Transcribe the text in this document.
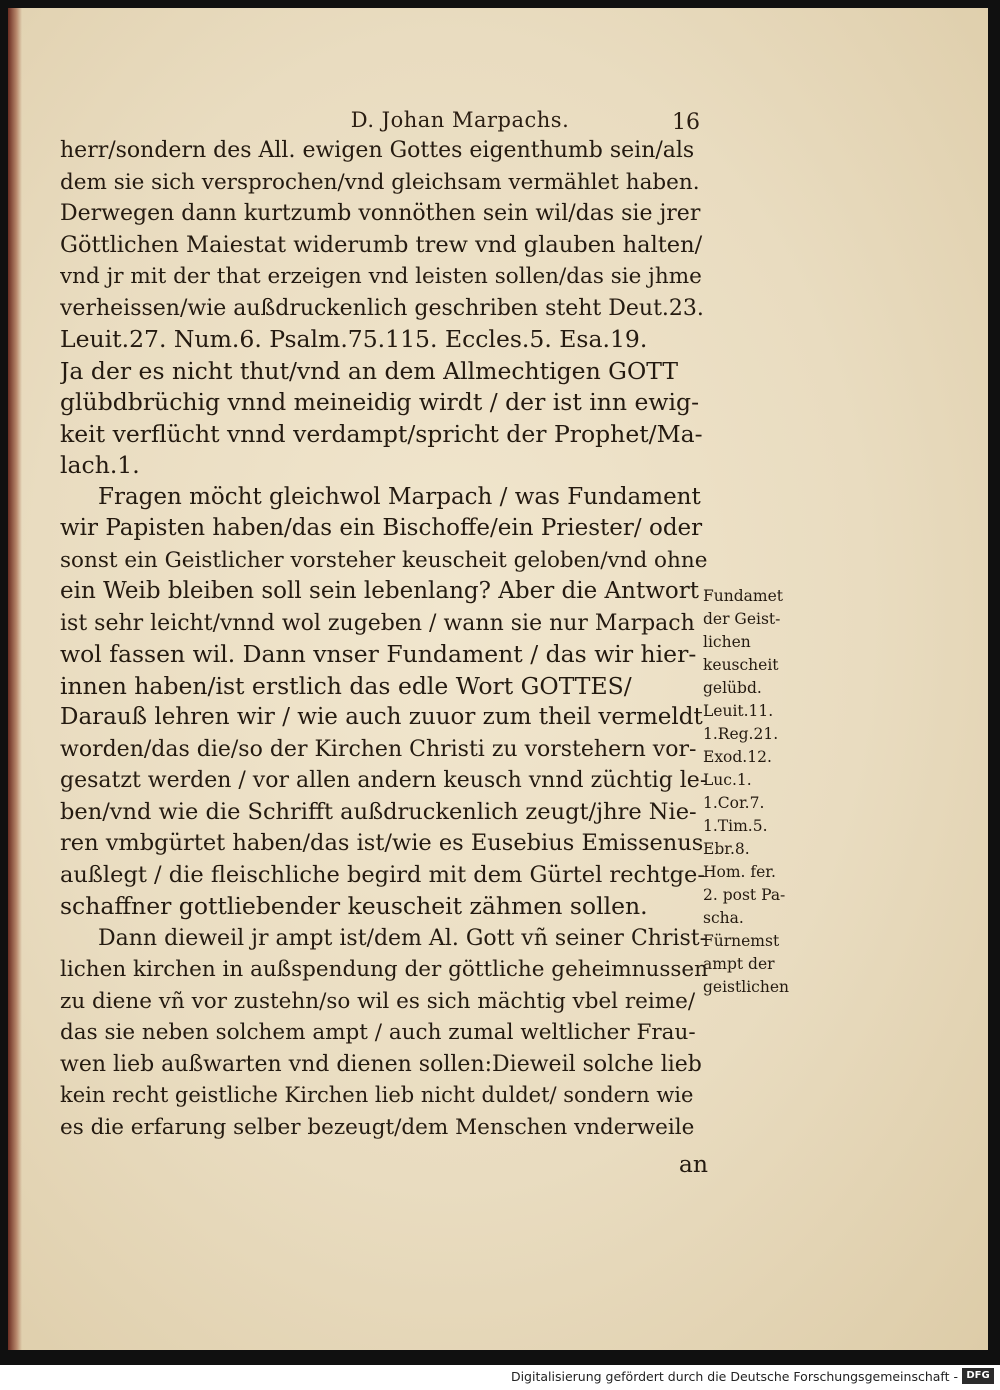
D. Johan Marpachs.	16
herr/sondern des All. ewigen Gottes eigenthumb sein/als
dem sie sich versprochen/vnd gleichsam vermählet haben.
Derwegen dann kurtzumb vonnöthen sein wil/das sie jrer
Göttlichen Maiestat widerumb trew vnd glauben halten/
vnd jr mit der that erzeigen vnd leisten sollen/das sie jhme
verheissen/wie außdruckenlich geschriben steht Deut.23.
Leuit.27. Num.6. Psalm.75.115. Eccles.5. Esa.19.
Ja der es nicht thut/vnd an dem Allmechtigen GOTT
glübdbrüchig vnnd meineidig wirdt / der ist inn ewig-
keit verflücht vnnd verdampt/spricht der Prophet/Ma-
lach.1.
Fragen möcht gleichwol Marpach / was Fundament
wir Papisten haben/das ein Bischoffe/ein Priester/ oder
sonst ein Geistlicher vorsteher keuscheit geloben/vnd ohne
ein Weib bleiben soll sein lebenlang? Aber die Antwort
ist sehr leicht/vnnd wol zugeben / wann sie nur Marpach
wol fassen wil. Dann vnser Fundament / das wir hier-
innen haben/ist erstlich das edle Wort GOTTES/
Darauß lehren wir / wie auch zuuor zum theil vermeldt
worden/das die/so der Kirchen Christi zu vorstehern vor-
gesatzt werden / vor allen andern keusch vnnd züchtig le-
ben/vnd wie die Schrifft außdruckenlich zeugt/jhre Nie-
ren vmbgürtet haben/das ist/wie es Eusebius Emissenus
außlegt / die fleischliche begird mit dem Gürtel rechtge-
schaffner gottliebender keuscheit zähmen sollen.
Dann dieweil jr ampt ist/dem Al. Gott vñ seiner Christ-
lichen kirchen in außspendung der göttliche geheimnussen
zu diene vñ vor zustehn/so wil es sich mächtig vbel reime/
das sie neben solchem ampt / auch zumal weltlicher Frau-
wen lieb außwarten vnd dienen sollen:Dieweil solche lieb
kein recht geistliche Kirchen lieb nicht duldet/ sondern wie
es die erfarung selber bezeugt/dem Menschen vnderweile
an
Fundamet
der Geist-
lichen
keuscheit
gelübd.
Leuit.11.
1.Reg.21.
Exod.12.
Luc.1.
1.Cor.7.
1.Tim.5.
Ebr.8.
Hom. fer.
2. post Pa-
scha.
Fürnemst
ampt der
geistlichen
Digitalisierung gefördert durch die Deutsche Forschungsgemeinschaft - DFG
